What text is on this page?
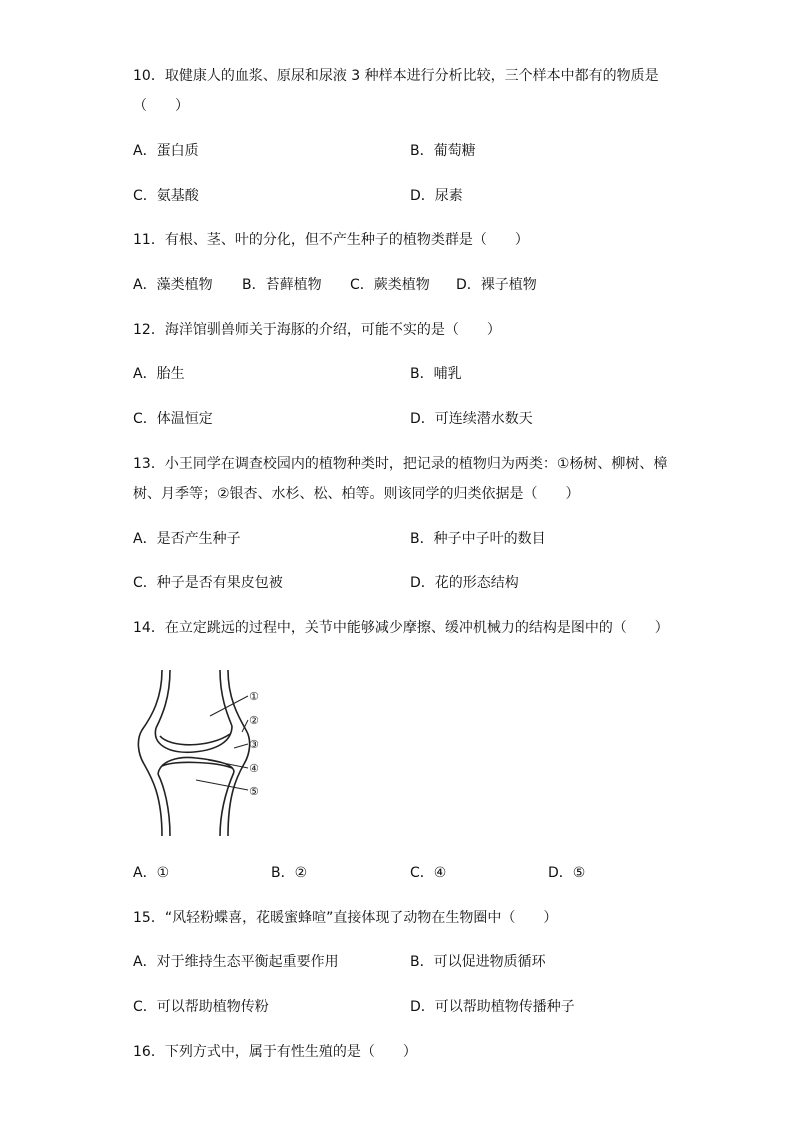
10．取健康人的血浆、原尿和尿液 3 种样本进行分析比较，三个样本中都有的物质是
（　　）
A．蛋白质	B．葡萄糖
C．氨基酸	D．尿素
11．有根、茎、叶的分化，但不产生种子的植物类群是（　　）
A．藻类植物 B．苔藓植物 C．蕨类植物 D．裸子植物
12．海洋馆驯兽师关于海豚的介绍，可能不实的是（　　）
A．胎生	B．哺乳
C．体温恒定	D．可连续潜水数天
13．小王同学在调查校园内的植物种类时，把记录的植物归为两类：①杨树、柳树、樟
树、月季等；②银杏、水杉、松、柏等。则该同学的归类依据是（　　）
A．是否产生种子	B．种子中子叶的数目
C．种子是否有果皮包被	D．花的形态结构
14．在立定跳远的过程中，关节中能够减少摩擦、缓冲机械力的结构是图中的（　　）
①
②
③
④
⑤
A．①	B．②	C．④	D．⑤
15．“风轻粉蝶喜，花暖蜜蜂喧”直接体现了动物在生物圈中（　　）
A．对于维持生态平衡起重要作用	B．可以促进物质循环
C．可以帮助植物传粉	D．可以帮助植物传播种子
16．下列方式中，属于有性生殖的是（　　）
